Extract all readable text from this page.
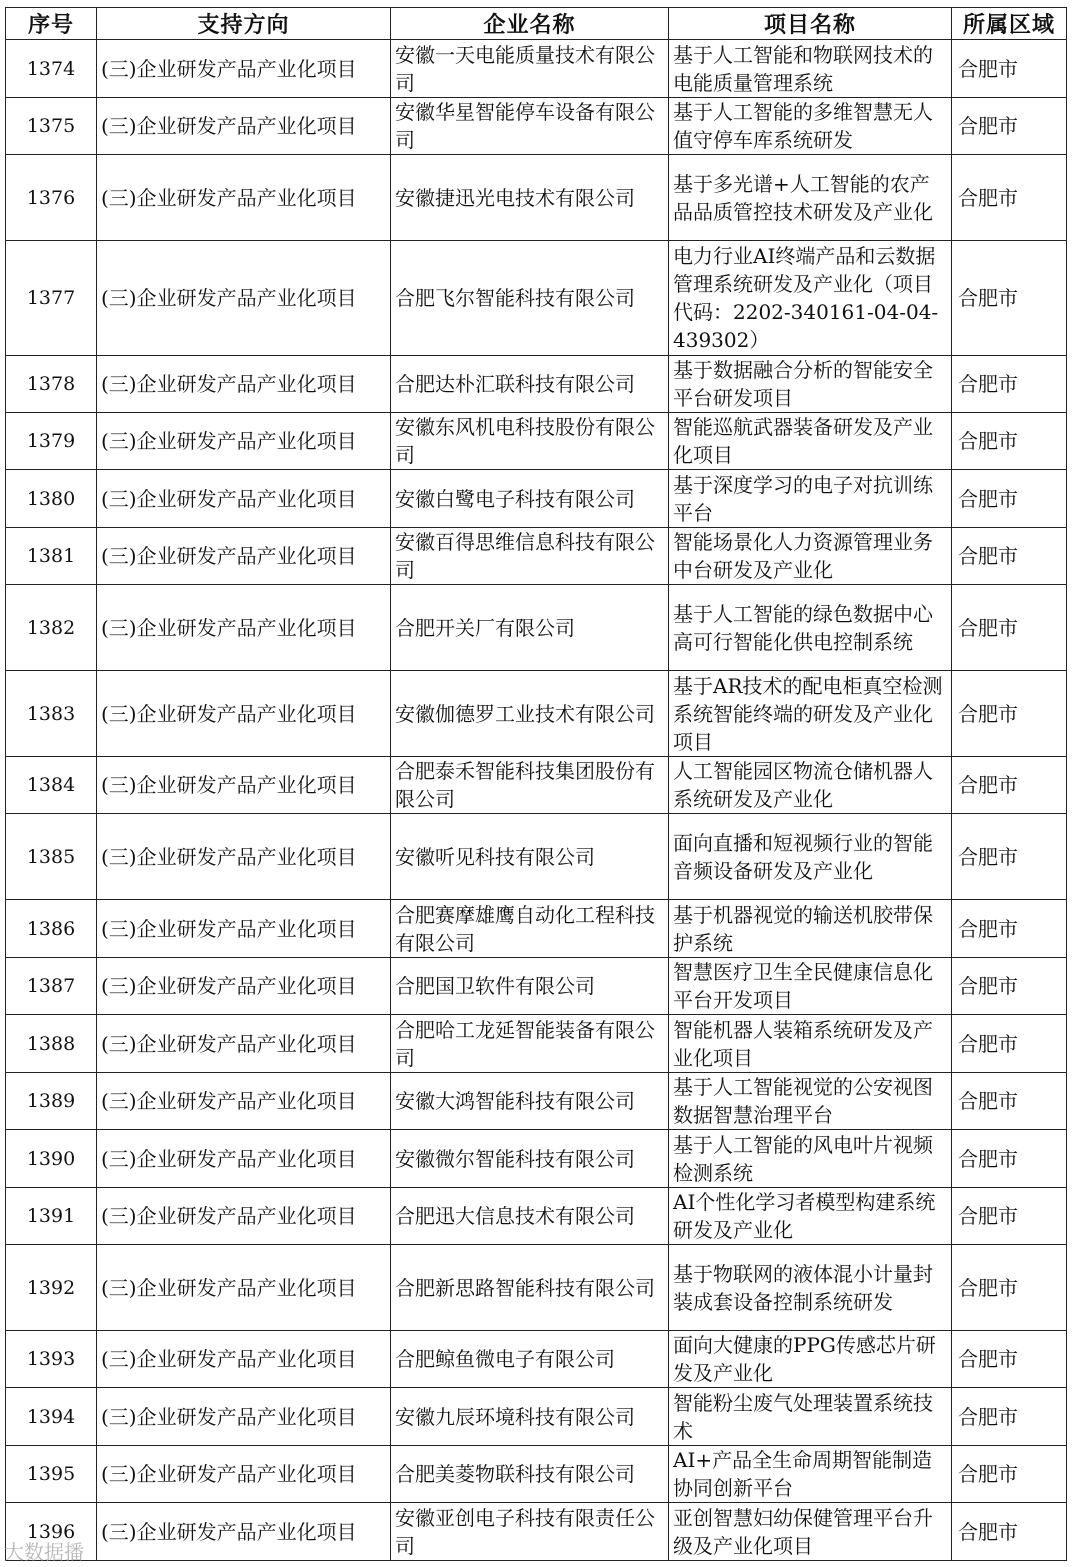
序号	支持方向	企业名称	项目名称	所属区域
1374	(三)企业研发产品产业化项目	安徽一天电能质量技术有限公司	基于人工智能和物联网技术的电能质量管理系统	合肥市
1375	(三)企业研发产品产业化项目	安徽华星智能停车设备有限公司	基于人工智能的多维智慧无人值守停车库系统研发	合肥市
1376	(三)企业研发产品产业化项目	安徽捷迅光电技术有限公司	基于多光谱+人工智能的农产品品质管控技术研发及产业化	合肥市
1377	(三)企业研发产品产业化项目	合肥飞尔智能科技有限公司	电力行业AI终端产品和云数据管理系统研发及产业化（项目代码：2202-340161-04-04-439302）	合肥市
1378	(三)企业研发产品产业化项目	合肥达朴汇联科技有限公司	基于数据融合分析的智能安全平台研发项目	合肥市
1379	(三)企业研发产品产业化项目	安徽东风机电科技股份有限公司	智能巡航武器装备研发及产业化项目	合肥市
1380	(三)企业研发产品产业化项目	安徽白鹭电子科技有限公司	基于深度学习的电子对抗训练平台	合肥市
1381	(三)企业研发产品产业化项目	安徽百得思维信息科技有限公司	智能场景化人力资源管理业务中台研发及产业化	合肥市
1382	(三)企业研发产品产业化项目	合肥开关厂有限公司	基于人工智能的绿色数据中心高可行智能化供电控制系统	合肥市
1383	(三)企业研发产品产业化项目	安徽伽德罗工业技术有限公司	基于AR技术的配电柜真空检测系统智能终端的研发及产业化项目	合肥市
1384	(三)企业研发产品产业化项目	合肥泰禾智能科技集团股份有限公司	人工智能园区物流仓储机器人系统研发及产业化	合肥市
1385	(三)企业研发产品产业化项目	安徽听见科技有限公司	面向直播和短视频行业的智能音频设备研发及产业化	合肥市
1386	(三)企业研发产品产业化项目	合肥赛摩雄鹰自动化工程科技有限公司	基于机器视觉的输送机胶带保护系统	合肥市
1387	(三)企业研发产品产业化项目	合肥国卫软件有限公司	智慧医疗卫生全民健康信息化平台开发项目	合肥市
1388	(三)企业研发产品产业化项目	合肥哈工龙延智能装备有限公司	智能机器人装箱系统研发及产业化项目	合肥市
1389	(三)企业研发产品产业化项目	安徽大鸿智能科技有限公司	基于人工智能视觉的公安视图数据智慧治理平台	合肥市
1390	(三)企业研发产品产业化项目	安徽微尔智能科技有限公司	基于人工智能的风电叶片视频检测系统	合肥市
1391	(三)企业研发产品产业化项目	合肥迅大信息技术有限公司	AI个性化学习者模型构建系统研发及产业化	合肥市
1392	(三)企业研发产品产业化项目	合肥新思路智能科技有限公司	基于物联网的液体混小计量封装成套设备控制系统研发	合肥市
1393	(三)企业研发产品产业化项目	合肥鲸鱼微电子有限公司	面向大健康的PPG传感芯片研发及产业化	合肥市
1394	(三)企业研发产品产业化项目	安徽九辰环境科技有限公司	智能粉尘废气处理装置系统技术	合肥市
1395	(三)企业研发产品产业化项目	合肥美菱物联科技有限公司	AI+产品全生命周期智能制造协同创新平台	合肥市
1396	(三)企业研发产品产业化项目	安徽亚创电子科技有限责任公司	亚创智慧妇幼保健管理平台升级及产业化项目	合肥市
大数据播
